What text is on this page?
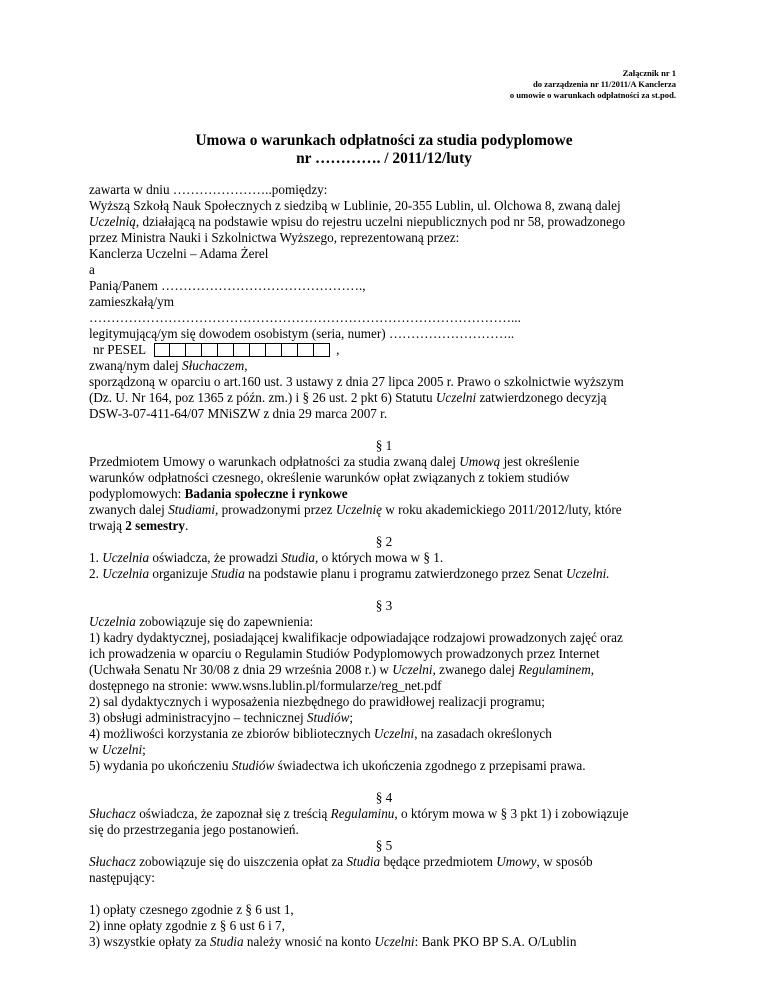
Załącznik nr 1
do zarządzenia nr 11/2011/A Kanclerza
o umowie o warunkach odpłatności za st.pod.
Umowa o warunkach odpłatności za studia podyplomowe
nr …………. / 2011/12/luty
zawarta w dniu …………………..pomiędzy:
Wyższą Szkołą Nauk Społecznych z siedzibą w Lublinie, 20-355 Lublin, ul. Olchowa 8, zwaną dalej
Uczelnią, działającą na podstawie wpisu do rejestru uczelni niepublicznych pod nr 58, prowadzonego
przez Ministra Nauki i Szkolnictwa Wyższego, reprezentowaną przez:
Kanclerza Uczelni – Adama Żerel
a
Panią/Panem ……………………………………….,
zamieszkałą/ym
……………………………………………………………………………………...
legitymującą/ym się dowodem osobistym (seria, numer) ………………………..
nr PESEL	,
zwaną/nym dalej Słuchaczem,
sporządzoną w oparciu o art.160 ust. 3 ustawy z dnia 27 lipca 2005 r. Prawo o szkolnictwie wyższym
(Dz. U. Nr 164, poz 1365 z późn. zm.) i § 26 ust. 2 pkt 6) Statutu Uczelni zatwierdzonego decyzją
DSW-3-07-411-64/07 MNiSZW z dnia 29 marca 2007 r.
§ 1
Przedmiotem Umowy o warunkach odpłatności za studia zwaną dalej Umową jest określenie
warunków odpłatności czesnego, określenie warunków opłat związanych z tokiem studiów
podyplomowych: Badania społeczne i rynkowe
zwanych dalej Studiami, prowadzonymi przez Uczelnię w roku akademickiego 2011/2012/luty, które
trwają 2 semestry.
§ 2
1. Uczelnia oświadcza, że prowadzi Studia, o których mowa w § 1.
2. Uczelnia organizuje Studia na podstawie planu i programu zatwierdzonego przez Senat Uczelni.
§ 3
Uczelnia zobowiązuje się do zapewnienia:
1) kadry dydaktycznej, posiadającej kwalifikacje odpowiadające rodzajowi prowadzonych zajęć oraz
ich prowadzenia w oparciu o Regulamin Studiów Podyplomowych prowadzonych przez Internet
(Uchwała Senatu Nr 30/08 z dnia 29 września 2008 r.) w Uczelni, zwanego dalej Regulaminem,
dostępnego na stronie: www.wsns.lublin.pl/formularze/reg_net.pdf
2) sal dydaktycznych i wyposażenia niezbędnego do prawidłowej realizacji programu;
3) obsługi administracyjno – technicznej Studiów;
4) możliwości korzystania ze zbiorów bibliotecznych Uczelni, na zasadach określonych
w Uczelni;
5) wydania po ukończeniu Studiów świadectwa ich ukończenia zgodnego z przepisami prawa.
§ 4
Słuchacz oświadcza, że zapoznał się z treścią Regulaminu, o którym mowa w § 3 pkt 1) i zobowiązuje
się do przestrzegania jego postanowień.
§ 5
Słuchacz zobowiązuje się do uiszczenia opłat za Studia będące przedmiotem Umowy, w sposób
następujący:
1) opłaty czesnego zgodnie z § 6 ust 1,
2) inne opłaty zgodnie z § 6 ust 6 i 7,
3) wszystkie opłaty za Studia należy wnosić na konto Uczelni: Bank PKO BP S.A. O/Lublin
